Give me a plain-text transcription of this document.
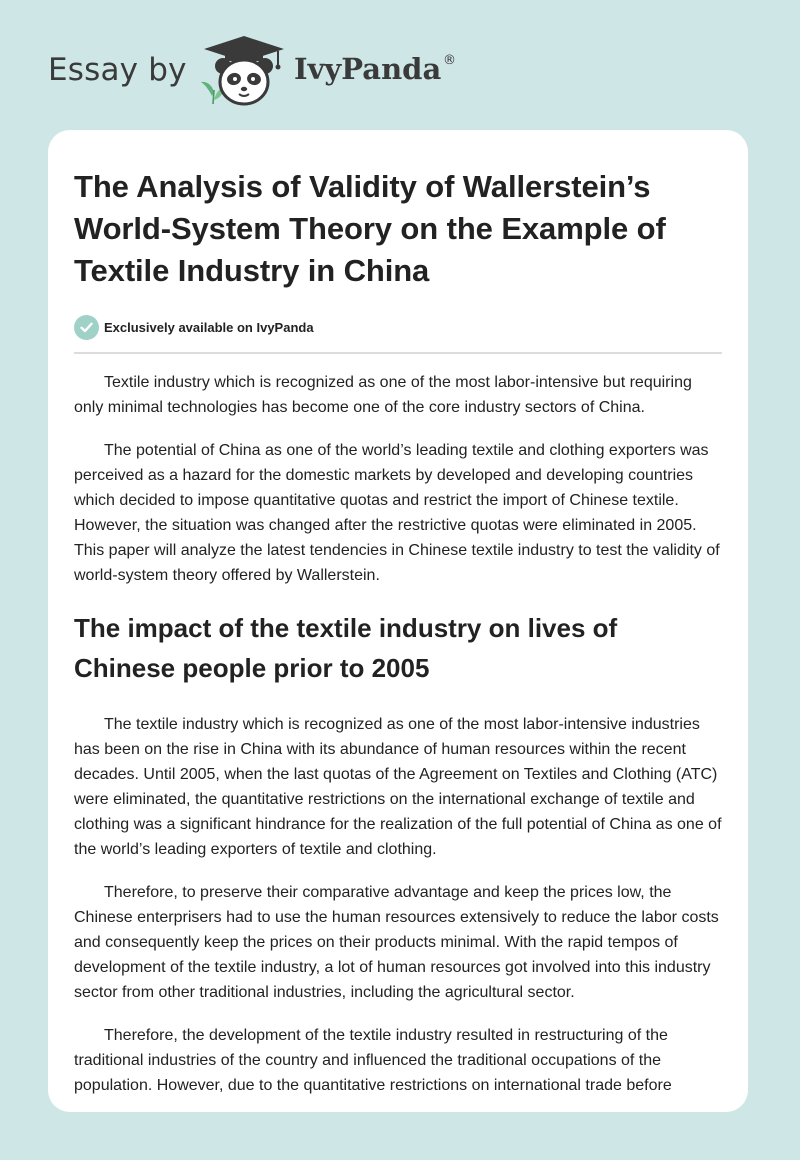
Essay by	IvyPanda ®
The Analysis of Validity of Wallerstein’s World-System Theory on the Example of Textile Industry in China
Exclusively available on IvyPanda

Textile industry which is recognized as one of the most labor-intensive but requiring only minimal technologies has become one of the core industry sectors of China.

The potential of China as one of the world’s leading textile and clothing exporters was perceived as a hazard for the domestic markets by developed and developing countries which decided to impose quantitative quotas and restrict the import of Chinese textile. However, the situation was changed after the restrictive quotas were eliminated in 2005. This paper will analyze the latest tendencies in Chinese textile industry to test the validity of world-system theory offered by Wallerstein.

The impact of the textile industry on lives of Chinese people prior to 2005

The textile industry which is recognized as one of the most labor-intensive industries has been on the rise in China with its abundance of human resources within the recent decades. Until 2005, when the last quotas of the Agreement on Textiles and Clothing (ATC) were eliminated, the quantitative restrictions on the international exchange of textile and clothing was a significant hindrance for the realization of the full potential of China as one of the world’s leading exporters of textile and clothing.

Therefore, to preserve their comparative advantage and keep the prices low, the Chinese enterprisers had to use the human resources extensively to reduce the labor costs and consequently keep the prices on their products minimal. With the rapid tempos of development of the textile industry, a lot of human resources got involved into this industry sector from other traditional industries, including the agricultural sector.

Therefore, the development of the textile industry resulted in restructuring of the traditional industries of the country and influenced the traditional occupations of the population. However, due to the quantitative restrictions on international trade before
